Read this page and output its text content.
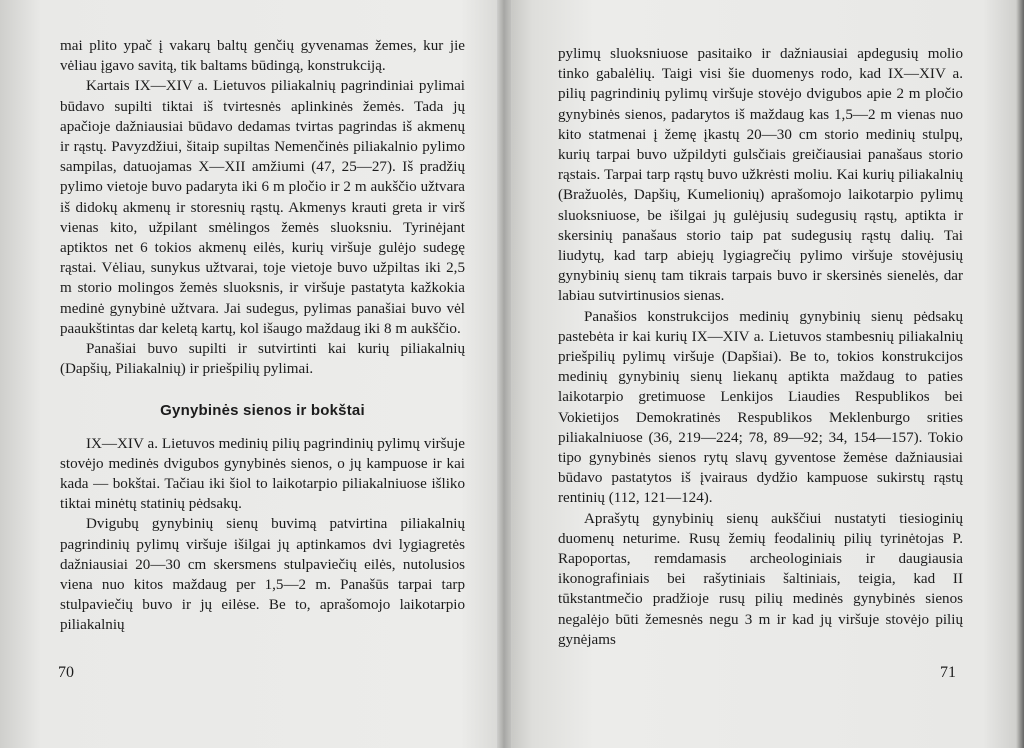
mai plito ypač į vakarų baltų genčių gyvenamas žemes, kur jie vėliau įgavo savitą, tik baltams būdingą, konstrukciją.

Kartais IX—XIV a. Lietuvos piliakalnių pagrindiniai pylimai būdavo supilti tiktai iš tvirtesnės aplinkinės žemės. Tada jų apačioje dažniausiai būdavo dedamas tvirtas pagrindas iš akmenų ir rąstų. Pavyzdžiui, šitaip supiltas Nemenčinės piliakalnio pylimo sampilas, datuojamas X—XII amžiumi (47, 25—27). Iš pradžių pylimo vietoje buvo padaryta iki 6 m pločio ir 2 m aukščio užtvara iš didokų akmenų ir storesnių rąstų. Akmenys krauti greta ir virš vienas kito, užpilant smėlingos žemės sluoksniu. Tyrinėjant aptiktos net 6 tokios akmenų eilės, kurių viršuje gulėjo sudegę rąstai. Vėliau, sunykus užtvarai, toje vietoje buvo užpiltas iki 2,5 m storio molingos žemės sluoksnis, ir viršuje pastatyta kažkokia medinė gynybinė užtvara. Jai sudegus, pylimas panašiai buvo vėl paaukštintas dar keletą kartų, kol išaugo maždaug iki 8 m aukščio.

Panašiai buvo supilti ir sutvirtinti kai kurių piliakalnių (Dapšių, Piliakalnių) ir priešpilių pylimai.

Gynybinės sienos ir bokštai

IX—XIV a. Lietuvos medinių pilių pagrindinių pylimų viršuje stovėjo medinės dvigubos gynybinės sienos, o jų kampuose ir kai kada — bokštai. Tačiau iki šiol to laikotarpio piliakalniuose išliko tiktai minėtų statinių pėdsakų.

Dvigubų gynybinių sienų buvimą patvirtina piliakalnių pagrindinių pylimų viršuje išilgai jų aptinkamos dvi lygiagretės dažniausiai 20—30 cm skersmens stulpaviečių eilės, nutolusios viena nuo kitos maždaug per 1,5—2 m. Panašūs tarpai tarp stulpaviečių buvo ir jų eilėse. Be to, aprašomojo laikotarpio piliakalnių

70

pylimų sluoksniuose pasitaiko ir dažniausiai apdegusių molio tinko gabalėlių. Taigi visi šie duomenys rodo, kad IX—XIV a. pilių pagrindinių pylimų viršuje stovėjo dvigubos apie 2 m pločio gynybinės sienos, padarytos iš maždaug kas 1,5—2 m vienas nuo kito statmenai į žemę įkastų 20—30 cm storio medinių stulpų, kurių tarpai buvo užpildyti gulsčiais greičiausiai panašaus storio rąstais. Tarpai tarp rąstų buvo užkrėsti moliu. Kai kurių piliakalnių (Bražuolės, Dapšių, Kumelionių) aprašomojo laikotarpio pylimų sluoksniuose, be išilgai jų gulėjusių sudegusių rąstų, aptikta ir skersinių panašaus storio taip pat sudegusių rąstų dalių. Tai liudytų, kad tarp abiejų lygiagrečių pylimo viršuje stovėjusių gynybinių sienų tam tikrais tarpais buvo ir skersinės sienelės, dar labiau sutvirtinusios sienas.

Panašios konstrukcijos medinių gynybinių sienų pėdsakų pastebėta ir kai kurių IX—XIV a. Lietuvos stambesnių piliakalnių priešpilių pylimų viršuje (Dapšiai). Be to, tokios konstrukcijos medinių gynybinių sienų liekanų aptikta maždaug to paties laikotarpio gretimuose Lenkijos Liaudies Respublikos bei Vokietijos Demokratinės Respublikos Meklenburgo srities piliakalniuose (36, 219—224; 78, 89—92; 34, 154—157). Tokio tipo gynybinės sienos rytų slavų gyventose žemėse dažniausiai būdavo pastatytos iš įvairaus dydžio kampuose sukirstų rąstų rentinių (112, 121—124).

Aprašytų gynybinių sienų aukščiui nustatyti tiesioginių duomenų neturime. Rusų žemių feodalinių pilių tyrinėtojas P. Rapoportas, remdamasis archeologiniais ir daugiausia ikonografiniais bei rašytiniais šaltiniais, teigia, kad II tūkstantmečio pradžioje rusų pilių medinės gynybinės sienos negalėjo būti žemesnės negu 3 m ir kad jų viršuje stovėjo pilių gynėjams

71
